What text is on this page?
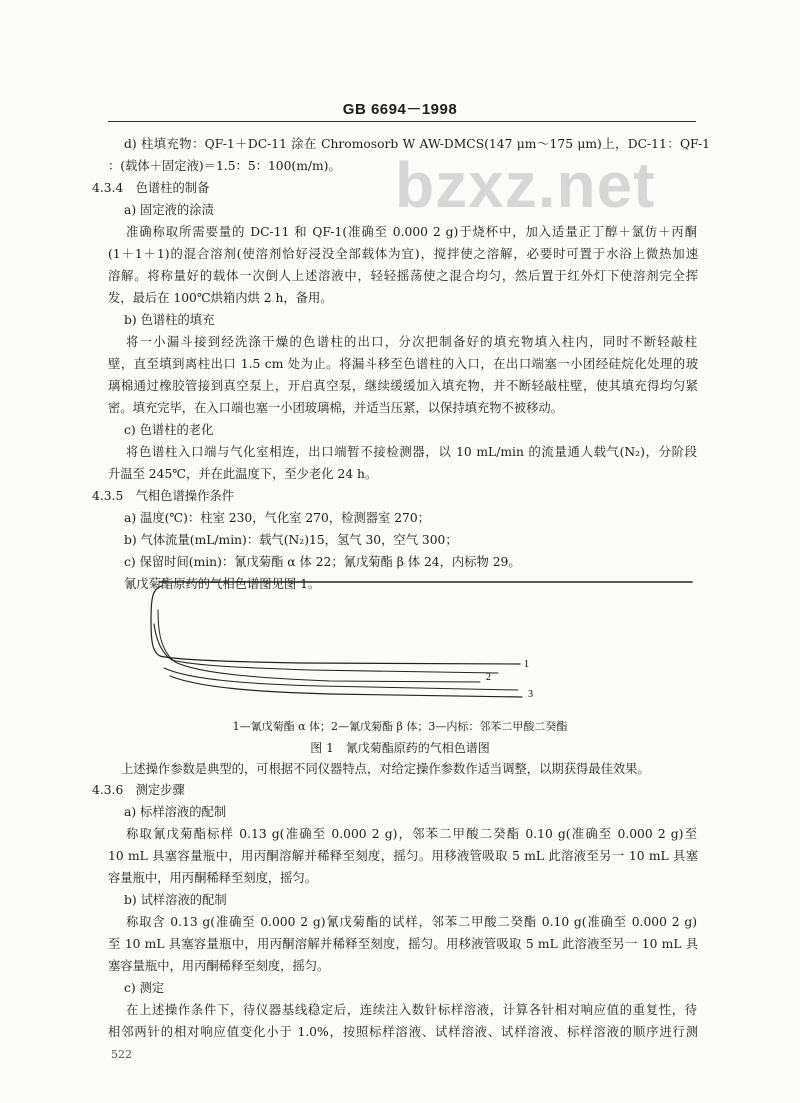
GB 6694－1998
bzxz.net
d) 柱填充物：QF-1＋DC-11 涂在 Chromosorb W AW-DMCS(147 μm～175 μm)上，DC-11：QF-1
：(载体＋固定液)＝1.5：5：100(m/m)。
4.3.4　色谱柱的制备
a) 固定液的涂渍
准确称取所需要量的 DC-11 和 QF-1(准确至 0.000 2 g)于烧杯中，加入适量正丁醇＋氯仿＋丙酮
(1＋1＋1)的混合溶剂(使溶剂恰好浸没全部载体为宜)，搅拌使之溶解，必要时可置于水浴上微热加速
溶解。将称量好的载体一次倒人上述溶液中，轻轻摇荡使之混合均匀，然后置于红外灯下使溶剂完全挥
发，最后在 100℃烘箱内烘 2 h，备用。
b) 色谱柱的填充
将一小漏斗接到经洗涤干燥的色谱柱的出口，分次把制备好的填充物填入柱内，同时不断轻敲柱
壁，直至填到离柱出口 1.5 cm 处为止。将漏斗移至色谱柱的入口，在出口端塞一小团经硅烷化处理的玻
璃棉通过橡胶管接到真空泵上，开启真空泵，继续缓缓加入填充物，并不断轻敲柱壁，使其填充得均匀紧
密。填充完毕，在入口端也塞一小团玻璃棉，并适当压紧，以保持填充物不被移动。
c) 色谱柱的老化
将色谱柱入口端与气化室相连，出口端暂不接检测器，以 10 mL/min 的流量通人载气(N₂)，分阶段
升温至 245℃，并在此温度下，至少老化 24 h。
4.3.5　气相色谱操作条件
a) 温度(℃)：柱室 230，气化室 270，检测器室 270；
b) 气体流量(mL/min)：载气(N₂)15，氢气 30，空气 300；
c) 保留时间(min)：氰戊菊酯 α 体 22；氰戊菊酯 β 体 24，内标物 29。
氰戊菊酯原药的气相色谱图见图 1。
1
2
3
1—氰戊菊酯 α 体；2—氰戊菊酯 β 体；3—内标：邻苯二甲酸二癸酯
图 1　氰戊菊酯原药的气相色谱图
上述操作参数是典型的，可根据不同仪器特点，对给定操作参数作适当调整，以期获得最佳效果。
4.3.6　测定步骤
a) 标样溶液的配制
称取氰戊菊酯标样 0.13 g(准确至 0.000 2 g)，邻苯二甲酸二癸酯 0.10 g(准确至 0.000 2 g)至
10 mL 具塞容量瓶中，用丙酮溶解并稀释至刻度，摇匀。用移液管吸取 5 mL 此溶液至另一 10 mL 具塞
容量瓶中，用丙酮稀释至刻度，摇匀。
b) 试样溶液的配制
称取含 0.13 g(准确至 0.000 2 g)氰戊菊酯的试样，邻苯二甲酸二癸酯 0.10 g(准确至 0.000 2 g)
至 10 mL 具塞容量瓶中，用丙酮溶解并稀释至刻度，摇匀。用移液管吸取 5 mL 此溶液至另一 10 mL 具
塞容量瓶中，用丙酮稀释至刻度，摇匀。
c) 测定
在上述操作条件下，待仪器基线稳定后，连续注入数针标样溶液，计算各针相对响应值的重复性，待
相邻两针的相对响应值变化小于 1.0%，按照标样溶液、试样溶液、试样溶液、标样溶液的顺序进行测
522
